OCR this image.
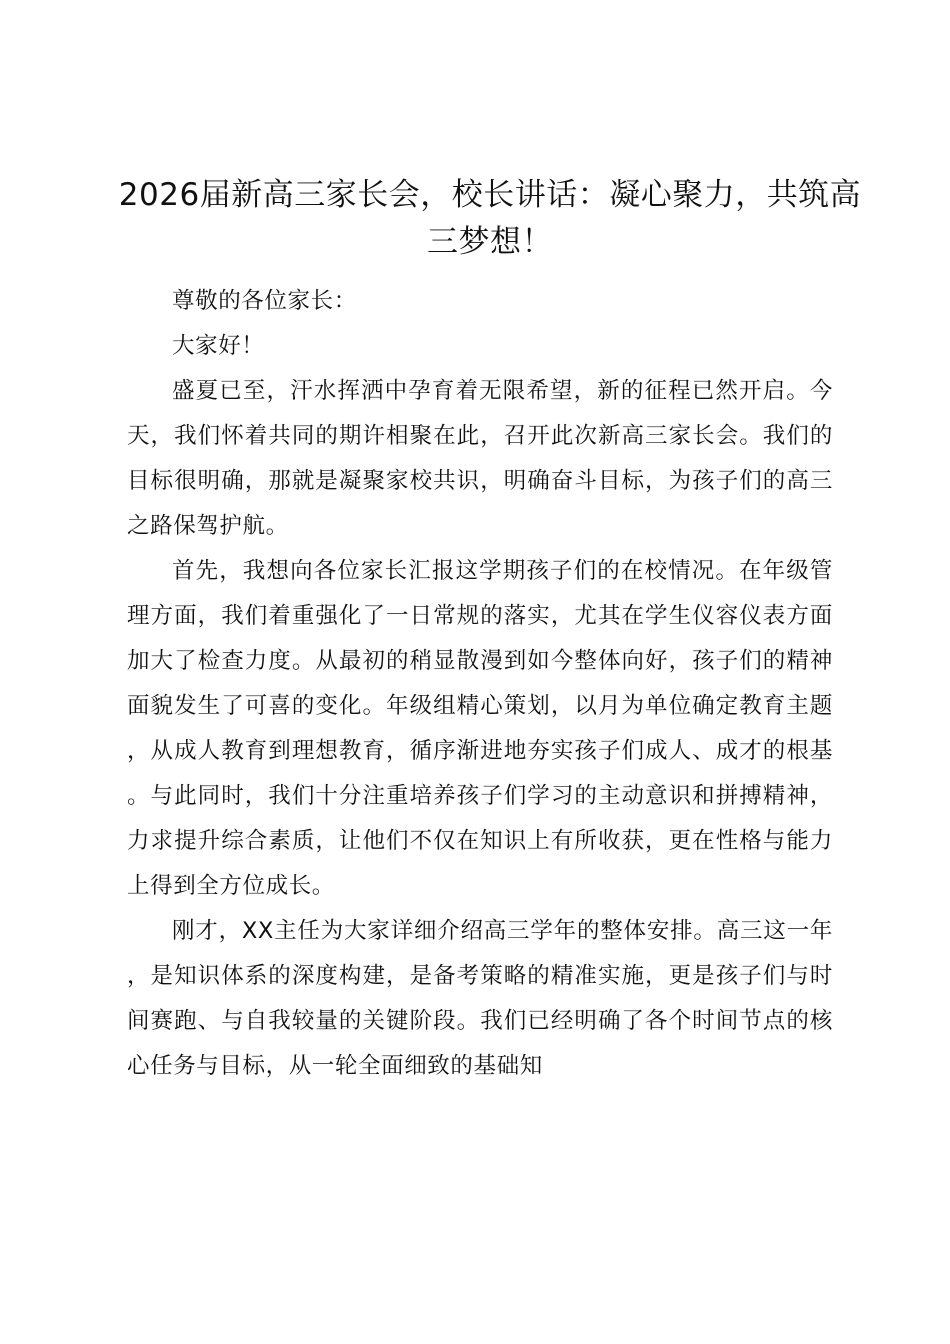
2026届新高三家长会，校长讲话：凝心聚力，共筑高三梦想！

尊敬的各位家长：

大家好！

盛夏已至，汗水挥洒中孕育着无限希望，新的征程已然开启。今天，我们怀着共同的期许相聚在此，召开此次新高三家长会。我们的目标很明确，那就是凝聚家校共识，明确奋斗目标，为孩子们的高三之路保驾护航。

首先，我想向各位家长汇报这学期孩子们的在校情况。在年级管理方面，我们着重强化了一日常规的落实，尤其在学生仪容仪表方面加大了检查力度。从最初的稍显散漫到如今整体向好，孩子们的精神面貌发生了可喜的变化。年级组精心策划，以月为单位确定教育主题，从成人教育到理想教育，循序渐进地夯实孩子们成人、成才的根基。与此同时，我们十分注重培养孩子们学习的主动意识和拼搏精神，力求提升综合素质，让他们不仅在知识上有所收获，更在性格与能力上得到全方位成长。

刚才，XX主任为大家详细介绍高三学年的整体安排。高三这一年，是知识体系的深度构建，是备考策略的精准实施，更是孩子们与时间赛跑、与自我较量的关键阶段。我们已经明确了各个时间节点的核心任务与目标，从一轮全面细致的基础知
